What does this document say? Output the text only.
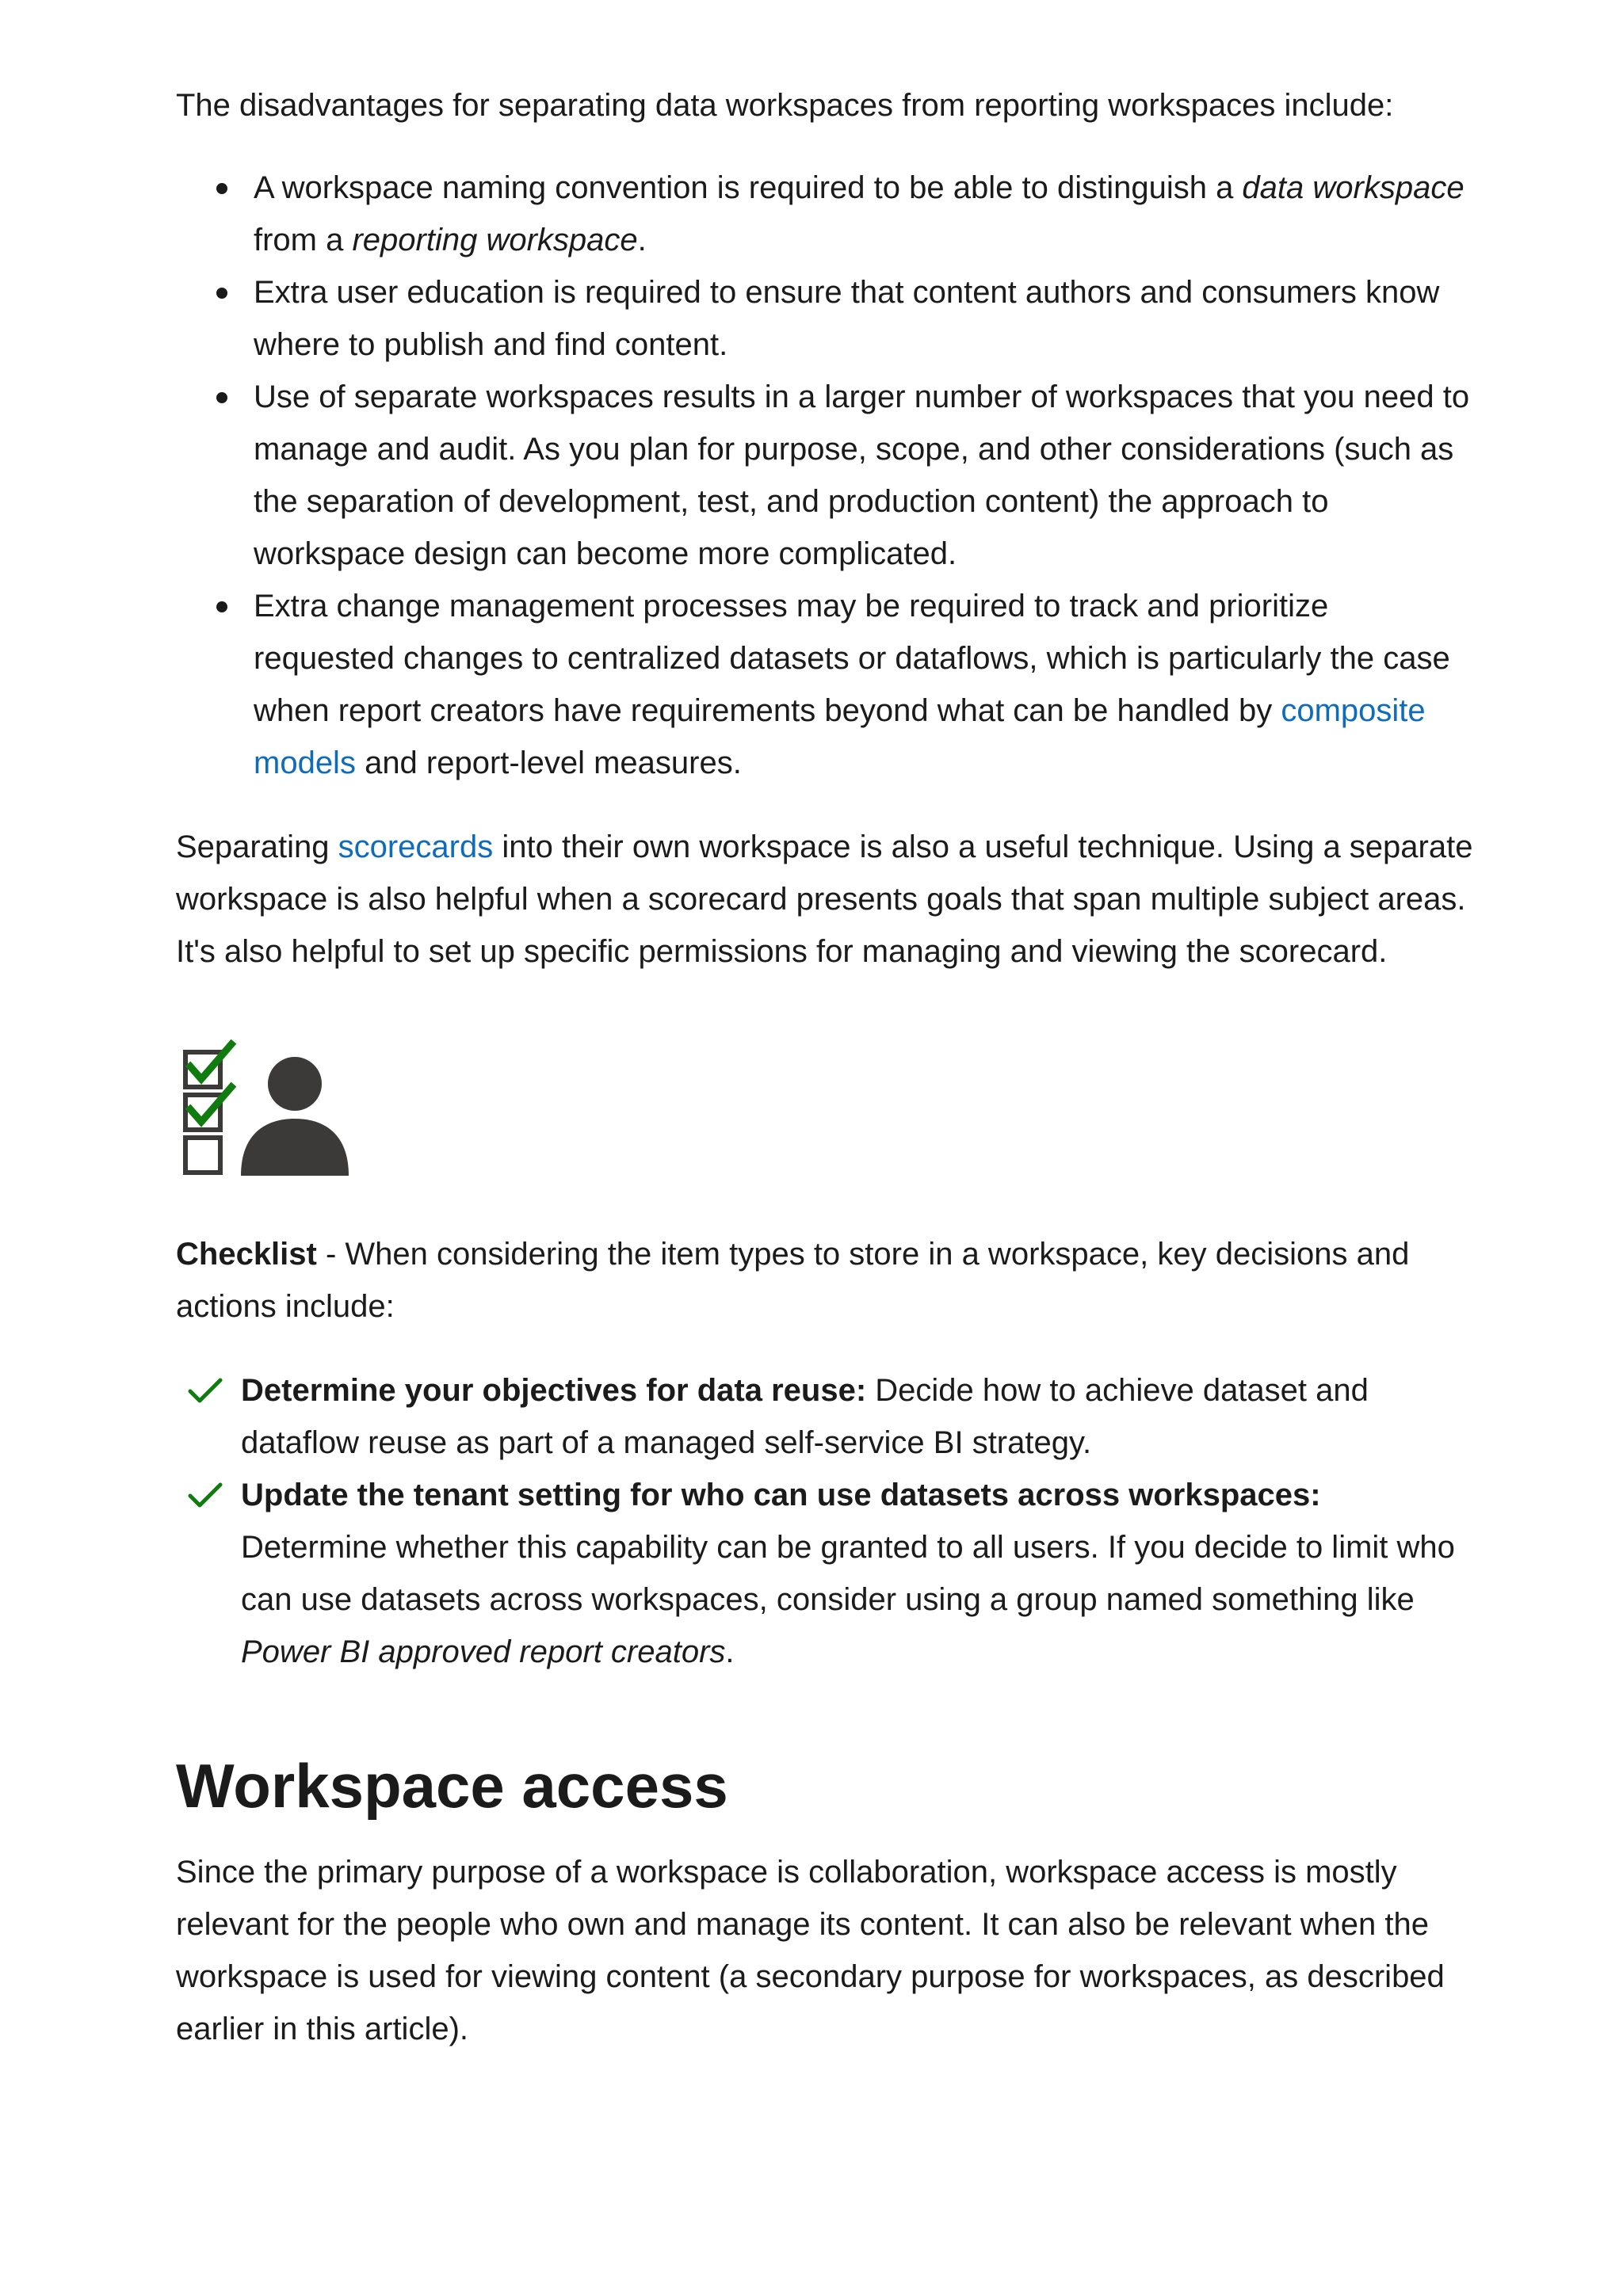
The disadvantages for separating data workspaces from reporting workspaces include:

A workspace naming convention is required to be able to distinguish a data workspace from a reporting workspace.
Extra user education is required to ensure that content authors and consumers know where to publish and find content.
Use of separate workspaces results in a larger number of workspaces that you need to manage and audit. As you plan for purpose, scope, and other considerations (such as the separation of development, test, and production content) the approach to workspace design can become more complicated.
Extra change management processes may be required to track and prioritize requested changes to centralized datasets or dataflows, which is particularly the case when report creators have requirements beyond what can be handled by composite models and report-level measures.

Separating scorecards into their own workspace is also a useful technique. Using a separate workspace is also helpful when a scorecard presents goals that span multiple subject areas. It's also helpful to set up specific permissions for managing and viewing the scorecard.

Checklist - When considering the item types to store in a workspace, key decisions and actions include:

Determine your objectives for data reuse: Decide how to achieve dataset and dataflow reuse as part of a managed self-service BI strategy.
Update the tenant setting for who can use datasets across workspaces: Determine whether this capability can be granted to all users. If you decide to limit who can use datasets across workspaces, consider using a group named something like Power BI approved report creators.
Workspace access

Since the primary purpose of a workspace is collaboration, workspace access is mostly relevant for the people who own and manage its content. It can also be relevant when the workspace is used for viewing content (a secondary purpose for workspaces, as described earlier in this article).
